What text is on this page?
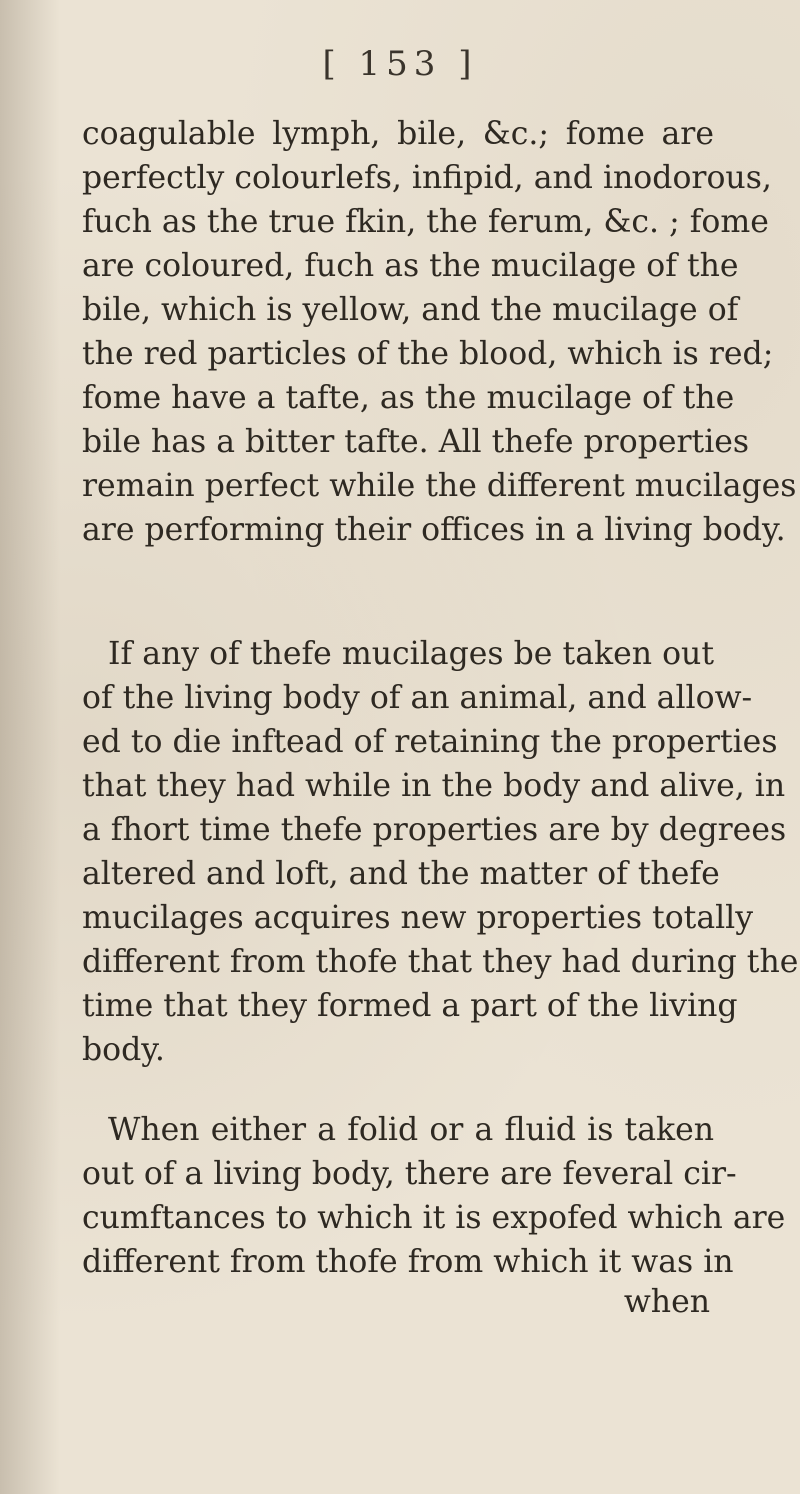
[ 153 ]
coagulable lymph, bile, &c.; fome are
perfectly colourlefs, infipid, and inodorous,
fuch as the true fkin, the ferum, &c. ; fome
are coloured, fuch as the mucilage of the
bile, which is yellow, and the mucilage of
the red particles of the blood, which is red;
fome have a tafte, as the mucilage of the
bile has a bitter tafte. All thefe properties
remain perfect while the different mucilages
are performing their offices in a living body.
If any of thefe mucilages be taken out
of the living body of an animal, and allow-
ed to die inftead of retaining the properties
that they had while in the body and alive, in
a fhort time thefe properties are by degrees
altered and loft, and the matter of thefe
mucilages acquires new properties totally
different from thofe that they had during the
time that they formed a part of the living
body.
When either a folid or a fluid is taken
out of a living body, there are feveral cir-
cumftances to which it is expofed which are
different from thofe from which it was in
when
